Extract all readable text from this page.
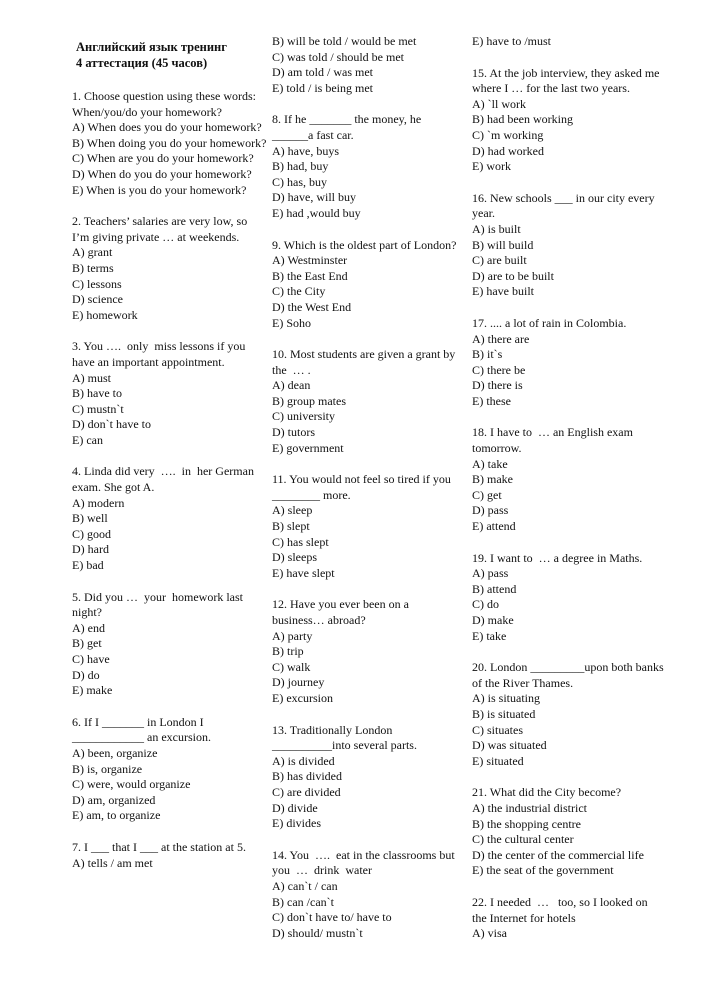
Английский язык тренинг
4 аттестация (45 часов)
1. Choose question using these words: When/you/do your homework?
A) When does you do your homework?
B) When doing you do your homework?
C) When are you do your homework?
D) When do you do your homework?
E) When is you do your homework?
2. Teachers’ salaries are very low, so I’m giving private … at weekends.
A) grant
B) terms
C) lessons
D) science
E) homework
3. You ….  only  miss lessons if you have an important appointment.
A) must
B) have to
C) mustn`t
D) don`t have to
E) can
4. Linda did very  ….  in  her German exam. She got A.
A) modern
B) well
C) good
D) hard
E) bad
5. Did you …  your  homework last night?
A) end
B) get
C) have
D) do
E) make
6. If I _______ in London I ____________ an excursion.
A) been, organize
B) is, organize
C) were, would organize
D) am, organized
E) am, to organize
7. I ___ that I ___ at the station at 5.
A) tells / am met
B) will be told / would be met
C) was told / should be met
D) am told / was met
E) told / is being met
8. If he _______ the money, he ______a fast car.
A) have, buys
B) had, buy
C) has, buy
D) have, will buy
E) had ,would buy
9. Which is the oldest part of London?
A) Westminster
B) the East End
C) the City
D) the West End
E) Soho
10. Most students are given a grant by the  … .
A) dean
B) group mates
C) university
D) tutors
E) government
11. You would not feel so tired if you ________ more.
A) sleep
B) slept
C) has slept
D) sleeps
E) have slept
12. Have you ever been on a business… abroad?
A) party
B) trip
C) walk
D) journey
E) excursion
13. Traditionally London __________into several parts.
A) is divided
B) has divided
C) are divided
D) divide
E) divides
14. You  ….  eat in the classrooms but you  …  drink  water
A) can`t / can
B) can /can`t
C) don`t have to/ have to
D) should/ mustn`t
E) have to /must
15. At the job interview, they asked me where I … for the last two years.
A) `ll work
B) had been working
C) `m working
D) had worked
E) work
16. New schools ___ in our city every year.
A) is built
B) will build
C) are built
D) are to be built
E) have built
17. .... a lot of rain in Colombia.
A) there are
B) it`s
C) there be
D) there is
E) these
18. I have to  … an English exam tomorrow.
A) take
B) make
C) get
D) pass
E) attend
19. I want to  … a degree in Maths.
A) pass
B) attend
C) do
D) make
E) take
20. London _________upon both banks of the River Thames.
A) is situating
B) is situated
C) situates
D) was situated
E) situated
21. What did the City become?
A) the industrial district
B) the shopping centre
C) the cultural center
D) the center of the commercial life
E) the seat of the government
22. I needed  …   too, so I looked on the Internet for hotels
A) visa
